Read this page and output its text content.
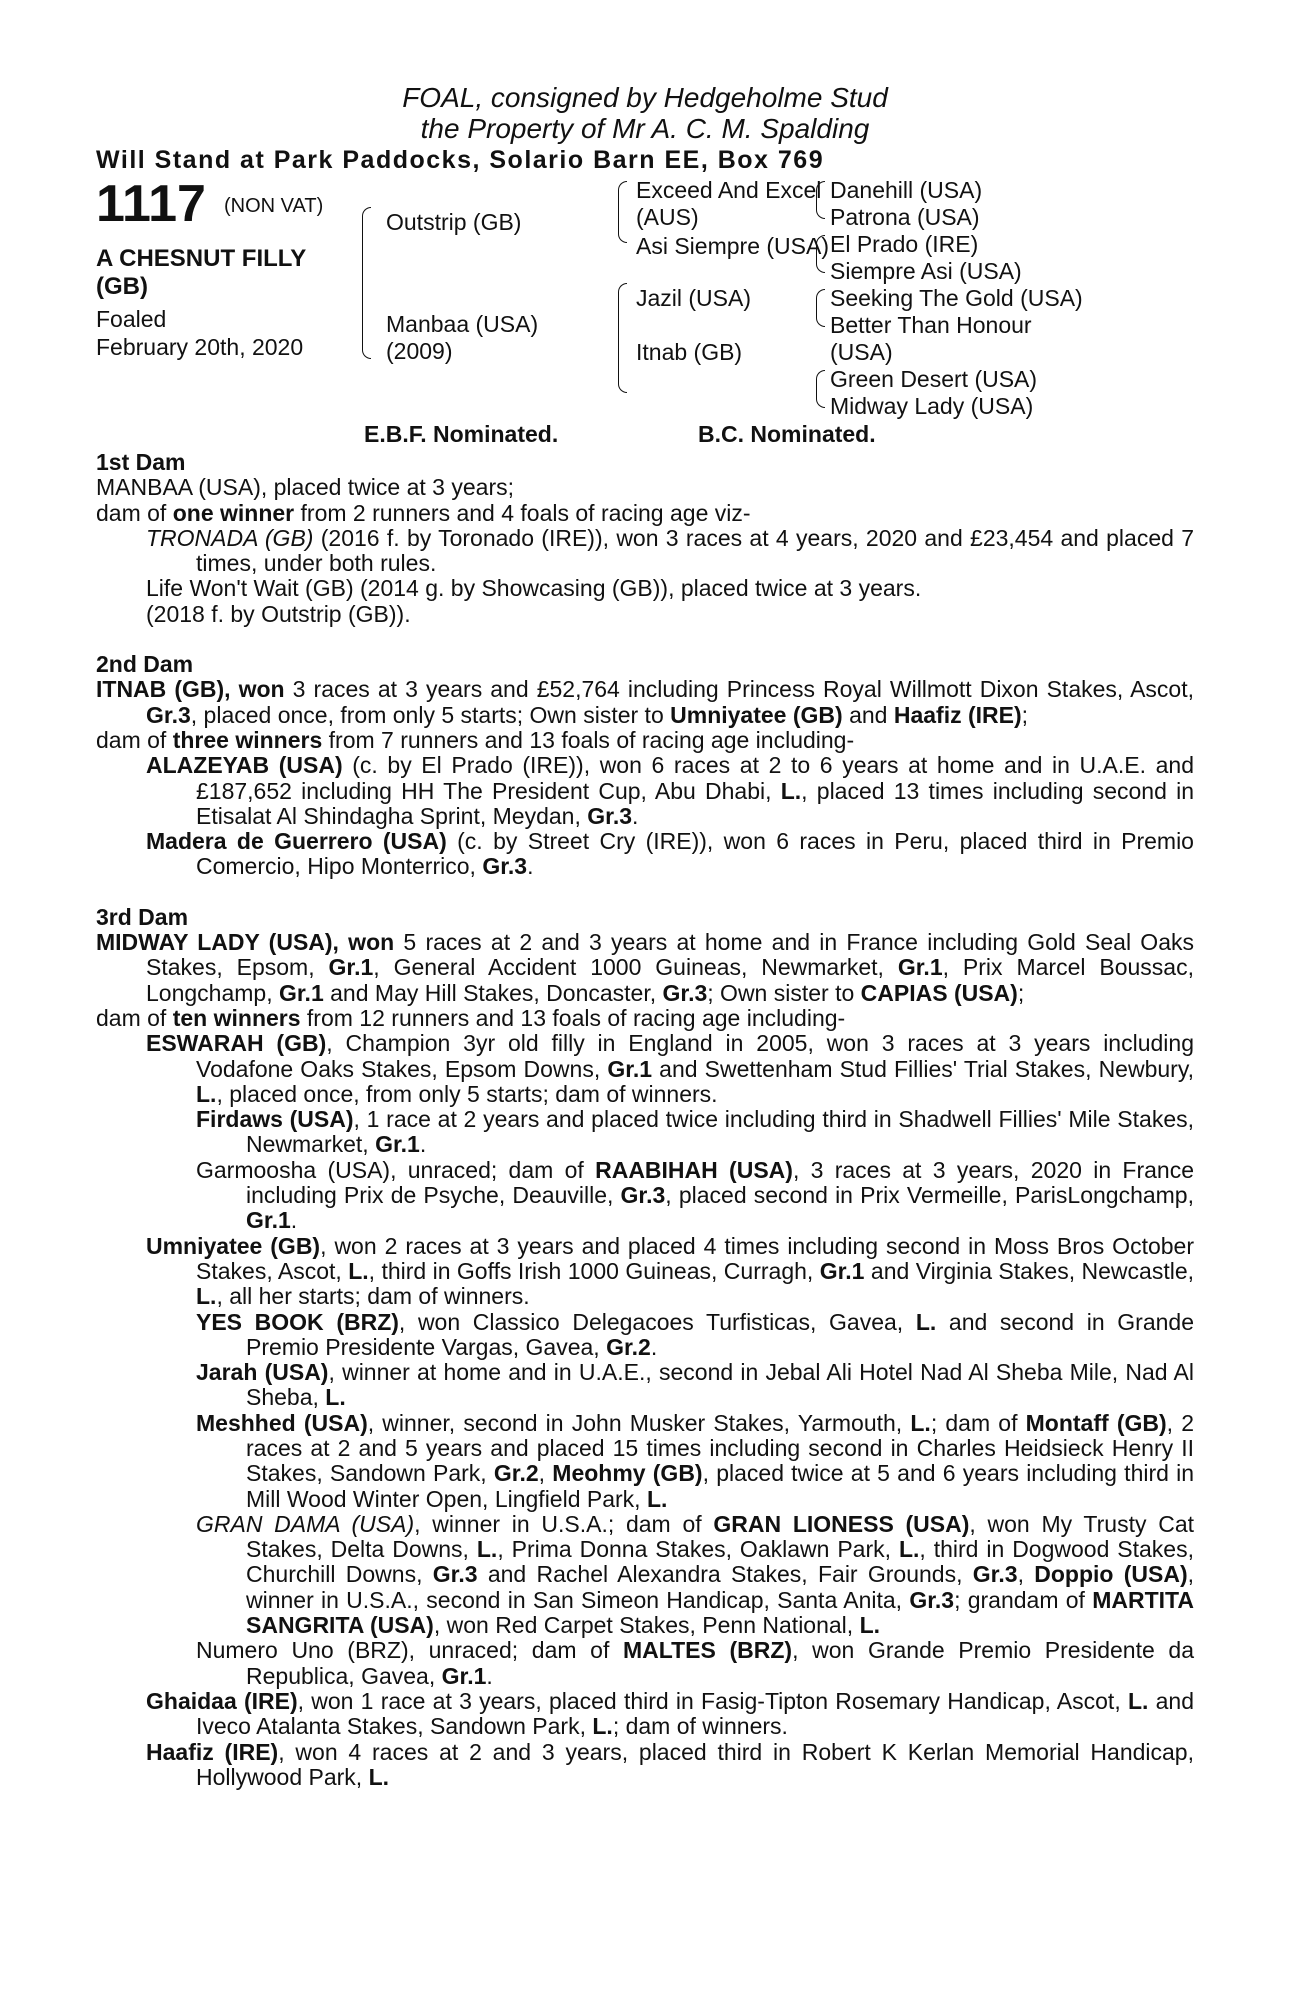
FOAL, consigned by Hedgeholme Stud
the Property of Mr A. C. M. Spalding
Will Stand at Park Paddocks, Solario Barn EE, Box 769
1117 (NON VAT)
A CHESNUT FILLY
(GB)
Foaled
February 20th, 2020
Outstrip (GB)
Manbaa (USA)
(2009)
Exceed And Excel
(AUS)
Asi Siempre (USA)
Jazil (USA)
Itnab (GB)
Danehill (USA)
Patrona (USA)
El Prado (IRE)
Siempre Asi (USA)
Seeking The Gold (USA)
Better Than Honour
(USA)
Green Desert (USA)
Midway Lady (USA)
E.B.F. Nominated.	B.C. Nominated.
1st Dam

MANBAA (USA), placed twice at 3 years;

dam of one winner from 2 runners and 4 foals of racing age viz-

TRONADA (GB) (2016 f. by Toronado (IRE)), won 3 races at 4 years, 2020 and £23,454 and placed 7 times, under both rules.

Life Won't Wait (GB) (2014 g. by Showcasing (GB)), placed twice at 3 years.

(2018 f. by Outstrip (GB)).

2nd Dam

ITNAB (GB), won 3 races at 3 years and £52,764 including Princess Royal Willmott Dixon Stakes, Ascot, Gr.3, placed once, from only 5 starts; Own sister to Umniyatee (GB) and Haafiz (IRE);

dam of three winners from 7 runners and 13 foals of racing age including-

ALAZEYAB (USA) (c. by El Prado (IRE)), won 6 races at 2 to 6 years at home and in U.A.E. and £187,652 including HH The President Cup, Abu Dhabi, L., placed 13 times including second in Etisalat Al Shindagha Sprint, Meydan, Gr.3.

Madera de Guerrero (USA) (c. by Street Cry (IRE)), won 6 races in Peru, placed third in Premio Comercio, Hipo Monterrico, Gr.3.

3rd Dam

MIDWAY LADY (USA), won 5 races at 2 and 3 years at home and in France including Gold Seal Oaks Stakes, Epsom, Gr.1, General Accident 1000 Guineas, Newmarket, Gr.1, Prix Marcel Boussac, Longchamp, Gr.1 and May Hill Stakes, Doncaster, Gr.3; Own sister to CAPIAS (USA);

dam of ten winners from 12 runners and 13 foals of racing age including-

ESWARAH (GB), Champion 3yr old filly in England in 2005, won 3 races at 3 years including Vodafone Oaks Stakes, Epsom Downs, Gr.1 and Swettenham Stud Fillies' Trial Stakes, Newbury, L., placed once, from only 5 starts; dam of winners.

Firdaws (USA), 1 race at 2 years and placed twice including third in Shadwell Fillies' Mile Stakes, Newmarket, Gr.1.

Garmoosha (USA), unraced; dam of RAABIHAH (USA), 3 races at 3 years, 2020 in France including Prix de Psyche, Deauville, Gr.3, placed second in Prix Vermeille, ParisLongchamp, Gr.1.

Umniyatee (GB), won 2 races at 3 years and placed 4 times including second in Moss Bros October Stakes, Ascot, L., third in Goffs Irish 1000 Guineas, Curragh, Gr.1 and Virginia Stakes, Newcastle, L., all her starts; dam of winners.

YES BOOK (BRZ), won Classico Delegacoes Turfisticas, Gavea, L. and second in Grande Premio Presidente Vargas, Gavea, Gr.2.

Jarah (USA), winner at home and in U.A.E., second in Jebal Ali Hotel Nad Al Sheba Mile, Nad Al Sheba, L.

Meshhed (USA), winner, second in John Musker Stakes, Yarmouth, L.; dam of Montaff (GB), 2 races at 2 and 5 years and placed 15 times including second in Charles Heidsieck Henry II Stakes, Sandown Park, Gr.2, Meohmy (GB), placed twice at 5 and 6 years including third in Mill Wood Winter Open, Lingfield Park, L.

GRAN DAMA (USA), winner in U.S.A.; dam of GRAN LIONESS (USA), won My Trusty Cat Stakes, Delta Downs, L., Prima Donna Stakes, Oaklawn Park, L., third in Dogwood Stakes, Churchill Downs, Gr.3 and Rachel Alexandra Stakes, Fair Grounds, Gr.3, Doppio (USA), winner in U.S.A., second in San Simeon Handicap, Santa Anita, Gr.3; grandam of MARTITA SANGRITA (USA), won Red Carpet Stakes, Penn National, L.

Numero Uno (BRZ), unraced; dam of MALTES (BRZ), won Grande Premio Presidente da Republica, Gavea, Gr.1.

Ghaidaa (IRE), won 1 race at 3 years, placed third in Fasig-Tipton Rosemary Handicap, Ascot, L. and Iveco Atalanta Stakes, Sandown Park, L.; dam of winners.

Haafiz (IRE), won 4 races at 2 and 3 years, placed third in Robert K Kerlan Memorial Handicap, Hollywood Park, L.
